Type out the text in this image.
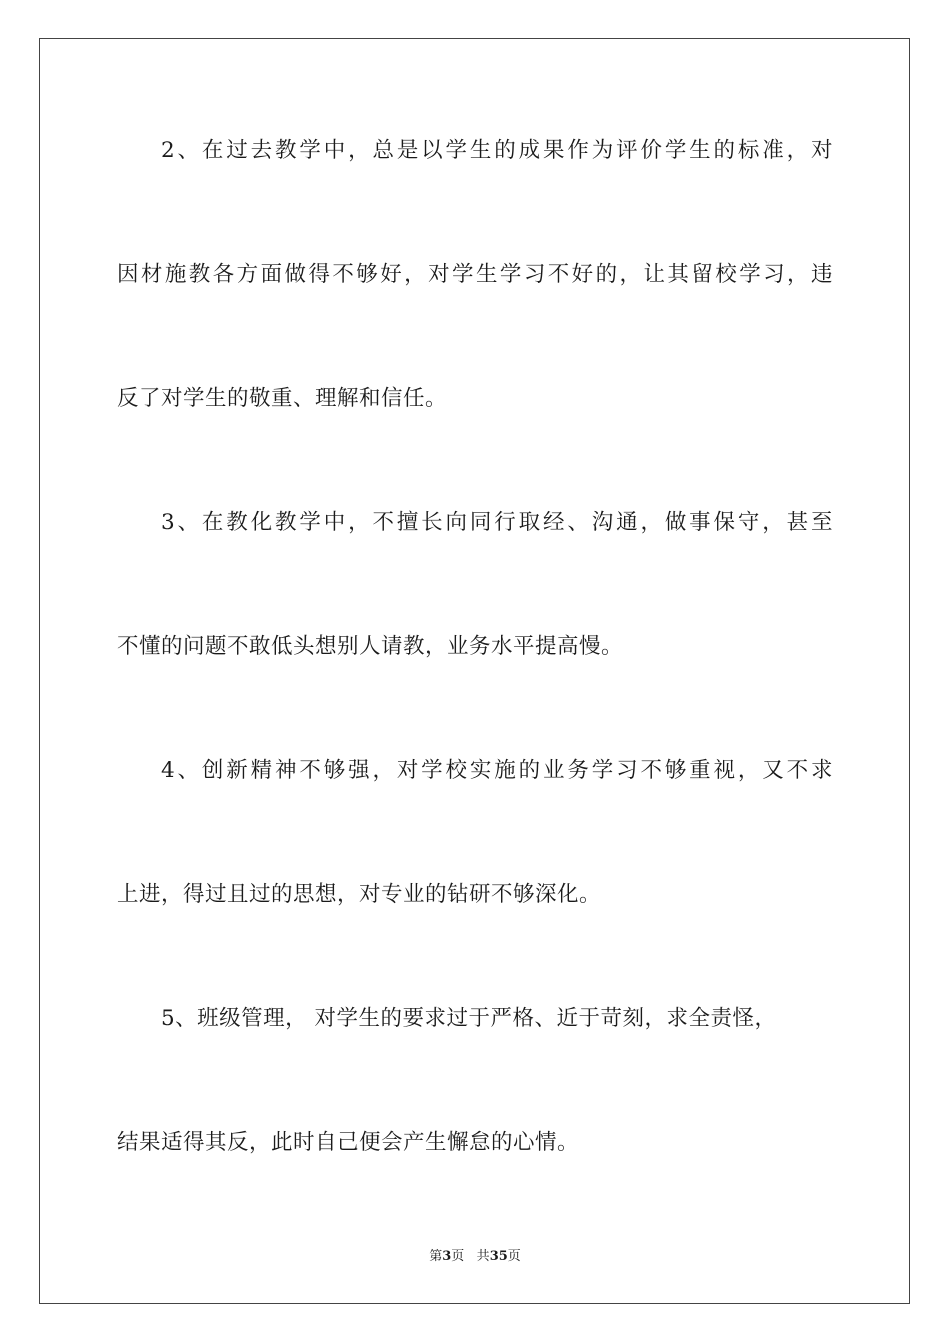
2、在过去教学中，总是以学生的成果作为评价学生的标准，对
因材施教各方面做得不够好，对学生学习不好的，让其留校学习，违
反了对学生的敬重、理解和信任。
3、在教化教学中，不擅长向同行取经、沟通，做事保守，甚至
不懂的问题不敢低头想别人请教，业务水平提高慢。
4、创新精神不够强，对学校实施的业务学习不够重视，又不求
上进，得过且过的思想，对专业的钻研不够深化。
5、班级管理， 对学生的要求过于严格、近于苛刻，求全责怪，
结果适得其反，此时自己便会产生懈怠的心情。
第3页 共35页
